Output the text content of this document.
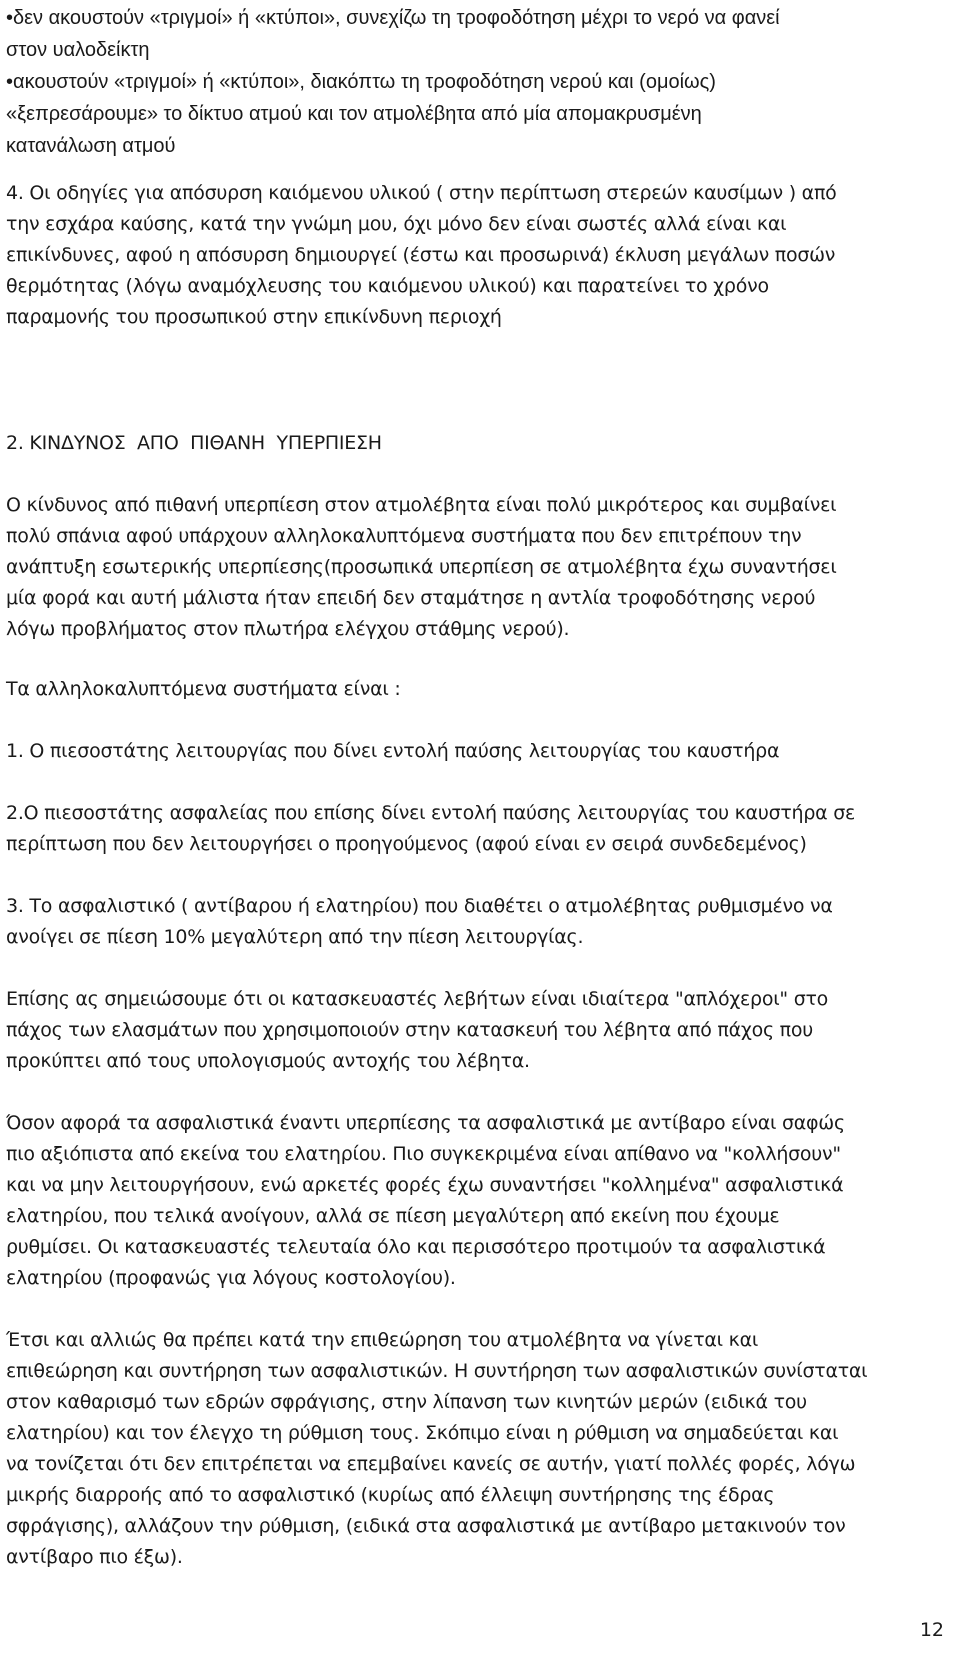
•δεν ακουστούν «τριγμοί» ή «κτύποι», συνεχίζω τη τροφοδότηση μέχρι το νερό να φανεί
στον υαλοδείκτη
•ακουστούν «τριγμοί» ή «κτύποι», διακόπτω τη τροφοδότηση νερού και (ομοίως)
«ξεπρεσάρουμε» το δίκτυο ατμού και τον ατμολέβητα από μία απομακρυσμένη
κατανάλωση ατμού
4. Οι οδηγίες για απόσυρση καιόμενου υλικού ( στην περίπτωση στερεών καυσίμων ) από
την εσχάρα καύσης, κατά την γνώμη μου, όχι μόνο δεν είναι σωστές αλλά είναι και
επικίνδυνες, αφού η απόσυρση δημιουργεί (έστω και προσωρινά) έκλυση μεγάλων ποσών
θερμότητας (λόγω αναμόχλευσης του καιόμενου υλικού) και παρατείνει το χρόνο
παραμονής του προσωπικού στην επικίνδυνη περιοχή
2. ΚΙΝΔΥΝΟΣ  ΑΠΟ  ΠΙΘΑΝΗ  ΥΠΕΡΠΙΕΣΗ
Ο κίνδυνος από πιθανή υπερπίεση στον ατμολέβητα είναι πολύ μικρότερος και συμβαίνει
πολύ σπάνια αφού υπάρχουν αλληλοκαλυπτόμενα συστήματα που δεν επιτρέπουν την
ανάπτυξη εσωτερικής υπερπίεσης(προσωπικά υπερπίεση σε ατμολέβητα έχω συναντήσει
μία φορά και αυτή μάλιστα ήταν επειδή δεν σταμάτησε η αντλία τροφοδότησης νερού
λόγω προβλήματος στον πλωτήρα ελέγχου στάθμης νερού).
Τα αλληλοκαλυπτόμενα συστήματα είναι :
1. Ο πιεσοστάτης λειτουργίας που δίνει εντολή παύσης λειτουργίας του καυστήρα
2.Ο πιεσοστάτης ασφαλείας που επίσης δίνει εντολή παύσης λειτουργίας του καυστήρα σε
περίπτωση που δεν λειτουργήσει ο προηγούμενος (αφού είναι εν σειρά συνδεδεμένος)
3. Το ασφαλιστικό ( αντίβαρου ή ελατηρίου) που διαθέτει ο ατμολέβητας ρυθμισμένο να
ανοίγει σε πίεση 10% μεγαλύτερη από την πίεση λειτουργίας.
Επίσης ας σημειώσουμε ότι οι κατασκευαστές λεβήτων είναι ιδιαίτερα "απλόχεροι" στο
πάχος των ελασμάτων που χρησιμοποιούν στην κατασκευή του λέβητα από πάχος που
προκύπτει από τους υπολογισμούς αντοχής του λέβητα.
Όσον αφορά τα ασφαλιστικά έναντι υπερπίεσης τα ασφαλιστικά με αντίβαρο είναι σαφώς
πιο αξιόπιστα από εκείνα του ελατηρίου. Πιο συγκεκριμένα είναι απίθανο να "κολλήσουν"
και να μην λειτουργήσουν, ενώ αρκετές φορές έχω συναντήσει "κολλημένα" ασφαλιστικά
ελατηρίου, που τελικά ανοίγουν, αλλά σε πίεση μεγαλύτερη από εκείνη που έχουμε
ρυθμίσει. Οι κατασκευαστές τελευταία όλο και περισσότερο προτιμούν τα ασφαλιστικά
ελατηρίου (προφανώς για λόγους κοστολογίου).
Έτσι και αλλιώς θα πρέπει κατά την επιθεώρηση του ατμολέβητα να γίνεται και
επιθεώρηση και συντήρηση των ασφαλιστικών. Η συντήρηση των ασφαλιστικών συνίσταται
στον καθαρισμό των εδρών σφράγισης, στην λίπανση των κινητών μερών (ειδικά του
ελατηρίου) και τον έλεγχο τη ρύθμιση τους. Σκόπιμο είναι η ρύθμιση να σημαδεύεται και
να τονίζεται ότι δεν επιτρέπεται να επεμβαίνει κανείς σε αυτήν, γιατί πολλές φορές, λόγω
μικρής διαρροής από το ασφαλιστικό (κυρίως από έλλειψη συντήρησης της έδρας
σφράγισης), αλλάζουν την ρύθμιση, (ειδικά στα ασφαλιστικά με αντίβαρο μετακινούν τον
αντίβαρο πιο έξω).
12
